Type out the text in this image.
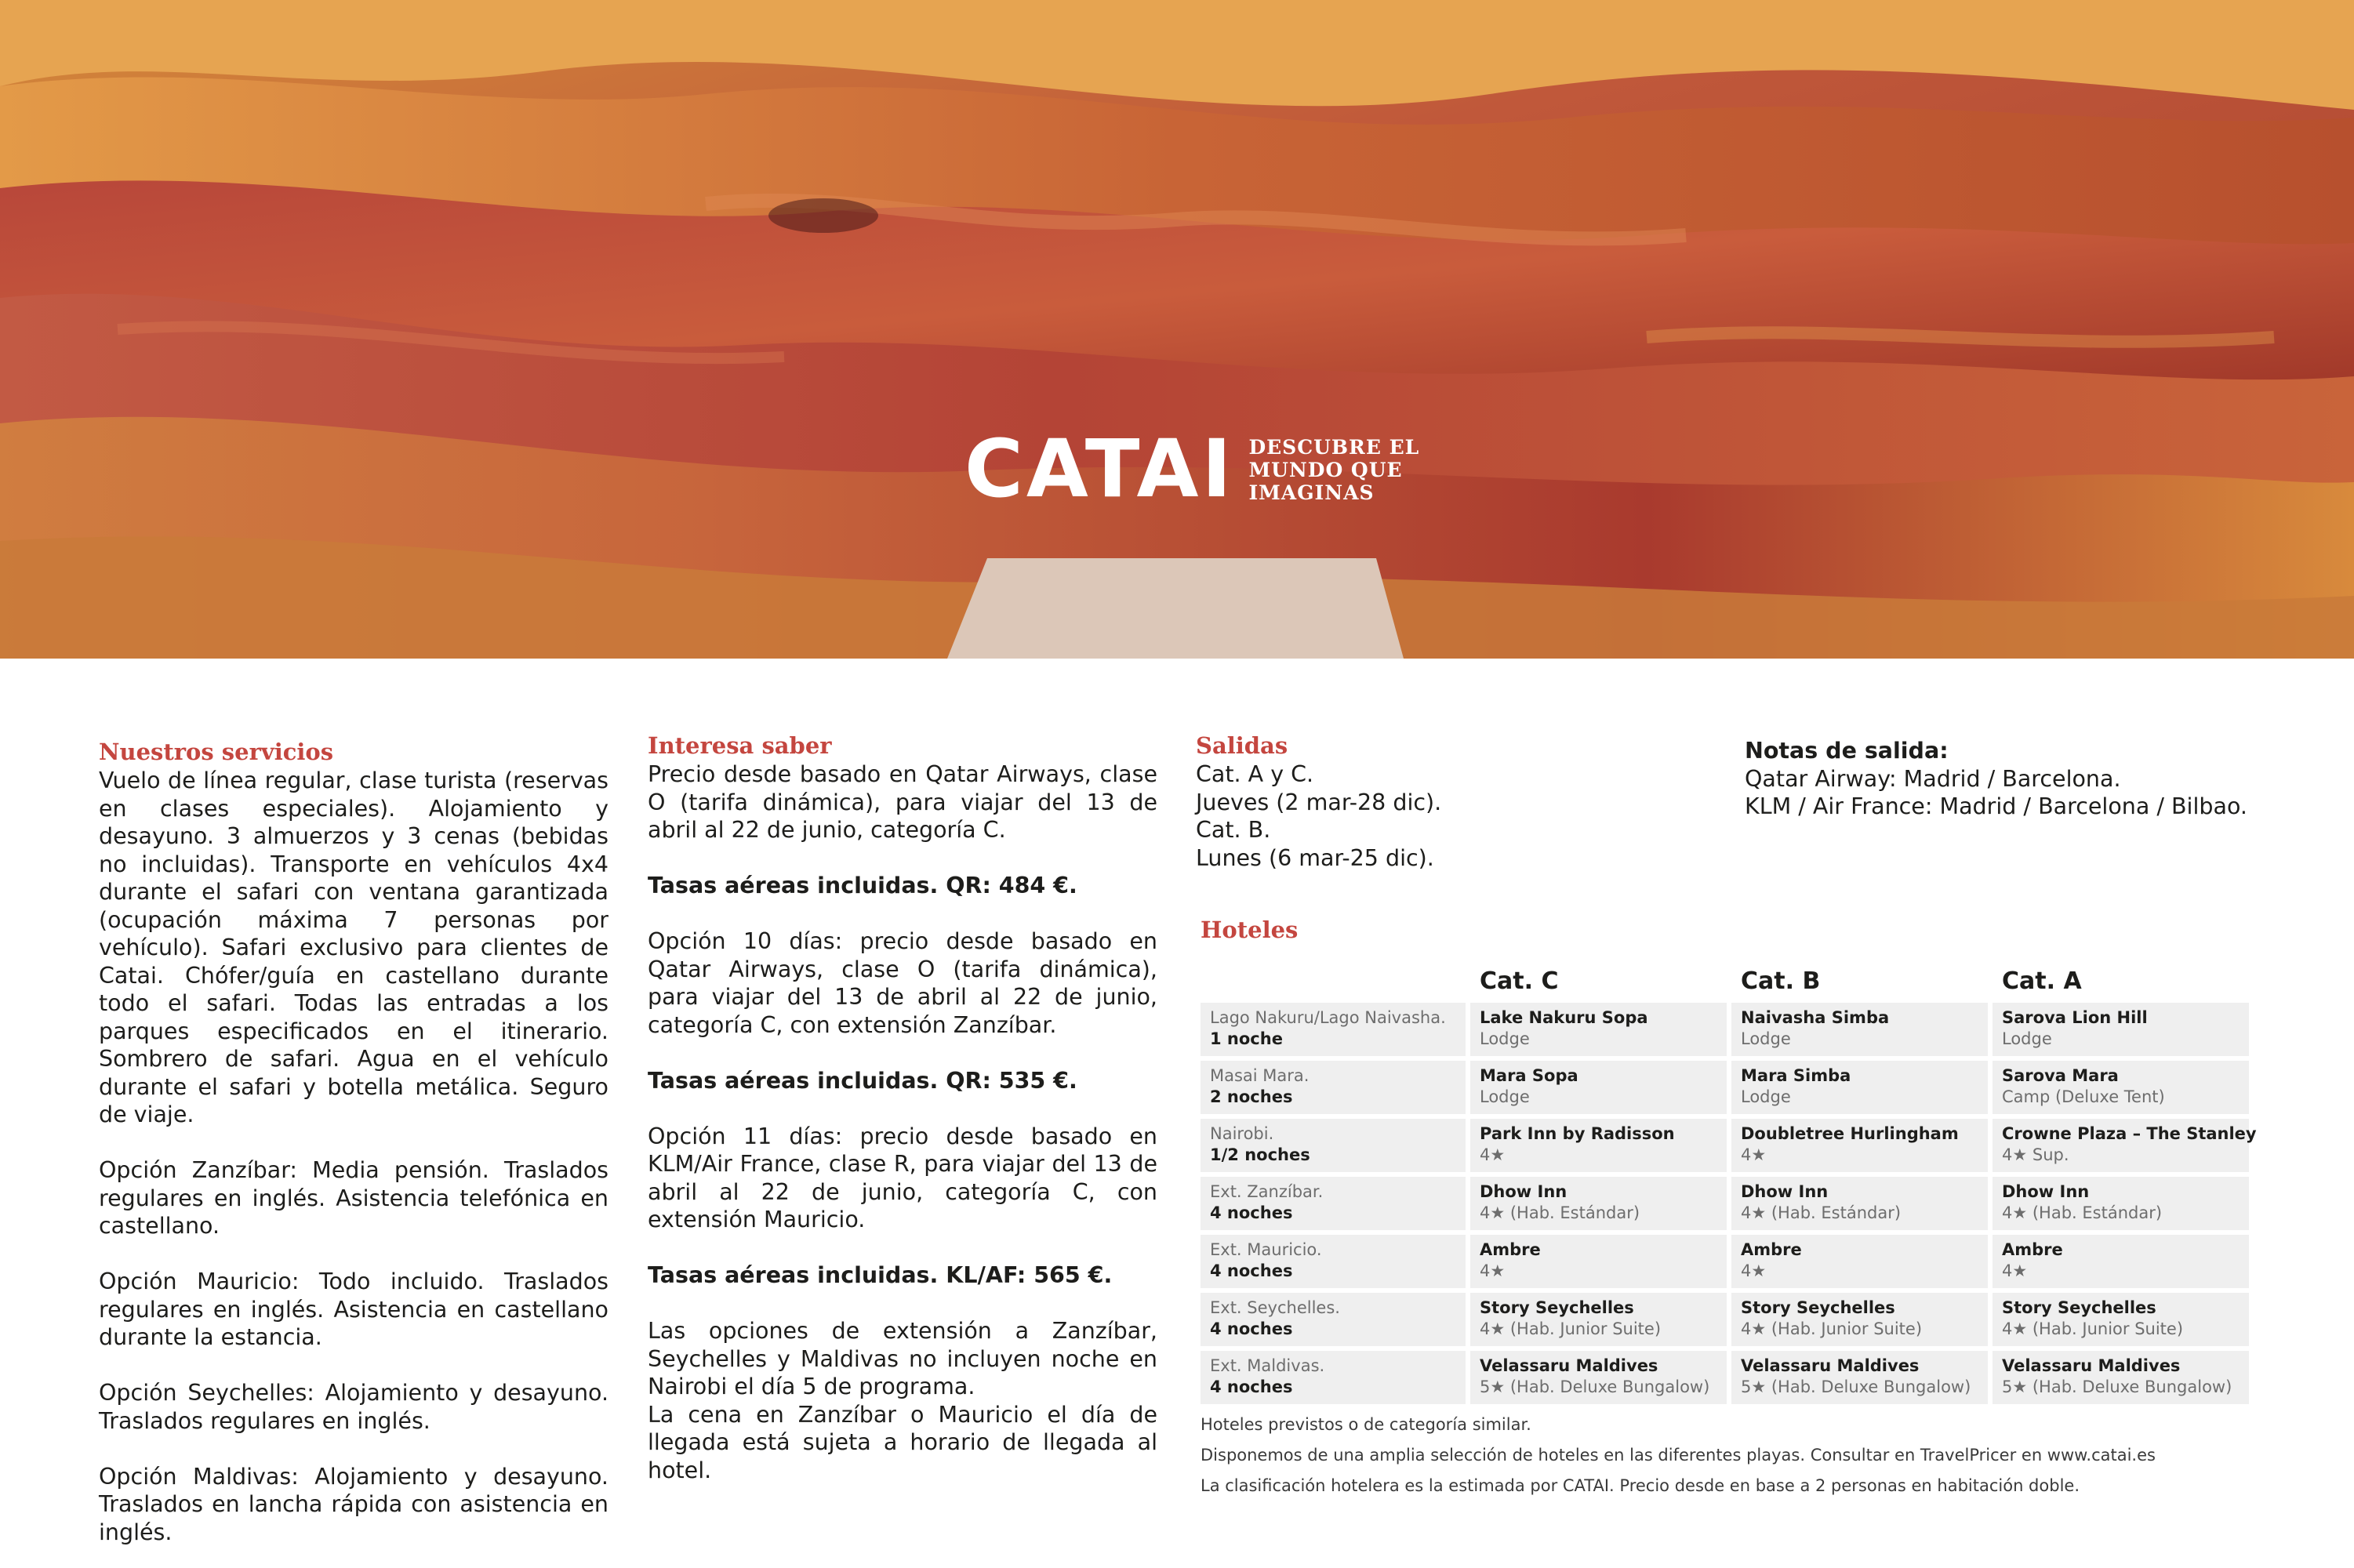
CATAI DESCUBRE EL
MUNDO QUE
IMAGINAS
Nuestros servicios

Vuelo de línea regular, clase turista (reservas en clases especiales). Alojamiento y desayuno. 3 almuerzos y 3 cenas (bebidas no incluidas). Transporte en vehículos 4x4 durante el safari con ventana garantizada (ocupación máxima 7 personas por vehículo). Safari exclusivo para clientes de Catai. Chófer/guía en castellano durante todo el safari. Todas las entradas a los parques especificados en el itinerario. Sombrero de safari. Agua en el vehículo durante el safari y botella metálica. Seguro de viaje.

Opción Zanzíbar: Media pensión. Traslados regulares en inglés. Asistencia telefónica en castellano.

Opción Mauricio: Todo incluido. Traslados regulares en inglés. Asistencia en castellano durante la estancia.

Opción Seychelles: Alojamiento y desayuno. Traslados regulares en inglés.

Opción Maldivas: Alojamiento y desayuno. Traslados en lancha rápida con asistencia en inglés.

Interesa saber

Precio desde basado en Qatar Airways, clase O (tarifa dinámica), para viajar del 13 de abril al 22 de junio, categoría C.

Tasas aéreas incluidas. QR: 484 €.

Opción 10 días: precio desde basado en Qatar Airways, clase O (tarifa dinámica), para viajar del 13 de abril al 22 de junio, categoría C, con extensión Zanzíbar.

Tasas aéreas incluidas. QR: 535 €.

Opción 11 días: precio desde basado en KLM/Air France, clase R, para viajar del 13 de abril al 22 de junio, categoría C, con extensión Mauricio.

Tasas aéreas incluidas. KL/AF: 565 €.

Las opciones de extensión a Zanzíbar, Seychelles y Maldivas no incluyen noche en Nairobi el día 5 de programa.

La cena en Zanzíbar o Mauricio el día de llegada está sujeta a horario de llegada al hotel.

Salidas
Cat. A y C.
Jueves (2 mar-28 dic).
Cat. B.
Lunes (6 mar-25 dic).
Notas de salida:
Qatar Airway: Madrid / Barcelona.
KLM / Air France: Madrid / Barcelona / Bilbao.
Hoteles
Cat. C	Cat. B	Cat. A
Lago Nakuru/Lago Naivasha.
1 noche
Lake Nakuru Sopa
Lodge
Naivasha Simba
Lodge
Sarova Lion Hill
Lodge
Masai Mara.
2 noches
Mara Sopa
Lodge
Mara Simba
Lodge
Sarova Mara
Camp (Deluxe Tent)
Nairobi.
1/2 noches
Park Inn by Radisson
4★
Doubletree Hurlingham
4★
Crowne Plaza – The Stanley
4★ Sup.
Ext. Zanzíbar.
4 noches
Dhow Inn
4★ (Hab. Estándar)
Dhow Inn
4★ (Hab. Estándar)
Dhow Inn
4★ (Hab. Estándar)
Ext. Mauricio.
4 noches
Ambre
4★
Ambre
4★
Ambre
4★
Ext. Seychelles.
4 noches
Story Seychelles
4★ (Hab. Junior Suite)
Story Seychelles
4★ (Hab. Junior Suite)
Story Seychelles
4★ (Hab. Junior Suite)
Ext. Maldivas.
4 noches
Velassaru Maldives
5★ (Hab. Deluxe Bungalow)
Velassaru Maldives
5★ (Hab. Deluxe Bungalow)
Velassaru Maldives
5★ (Hab. Deluxe Bungalow)

Hoteles previstos o de categoría similar.

Disponemos de una amplia selección de hoteles en las diferentes playas. Consultar en TravelPricer en www.catai.es

La clasificación hotelera es la estimada por CATAI. Precio desde en base a 2 personas en habitación doble.
